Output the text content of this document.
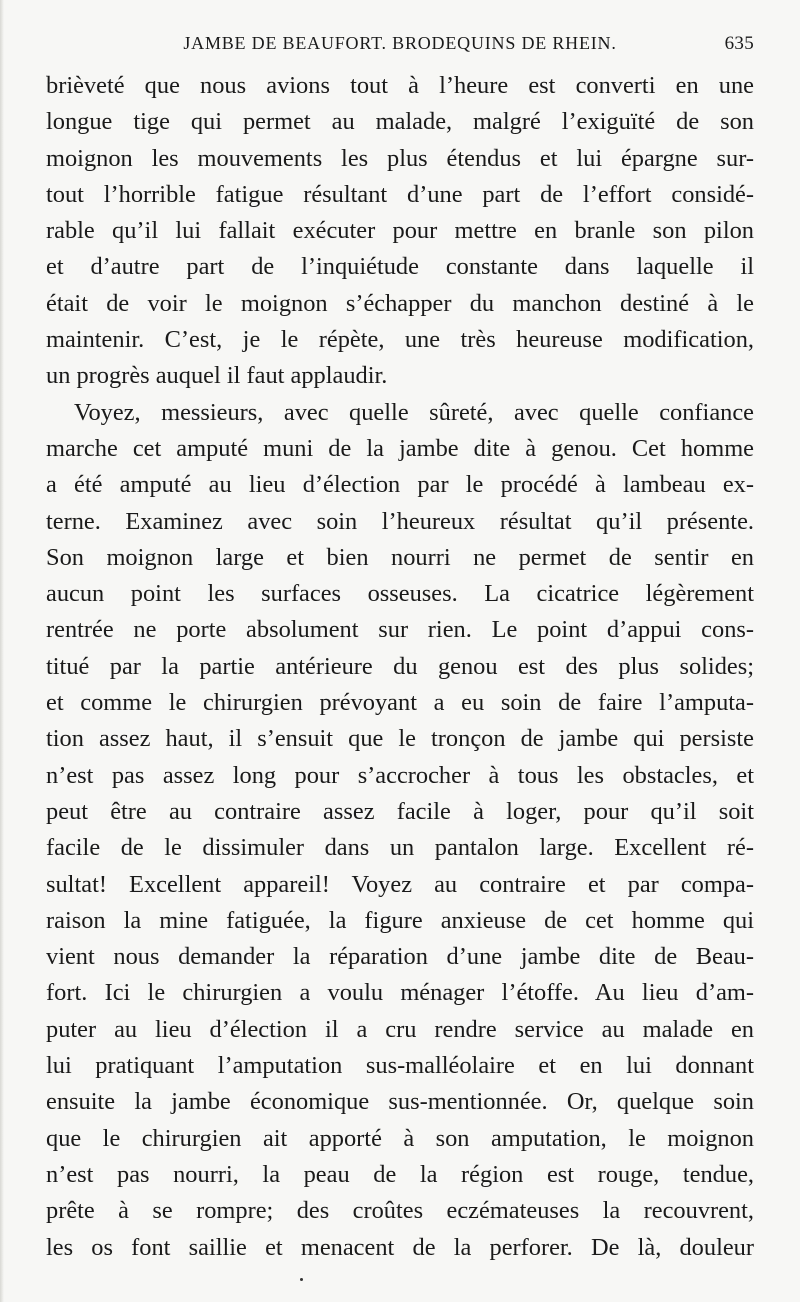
JAMBE DE BEAUFORT. BRODEQUINS DE RHEIN.	635
brièveté que nous avions tout à l’heure est converti en une
longue tige qui permet au malade, malgré l’exiguïté de son
moignon les mouvements les plus étendus et lui épargne sur-
tout l’horrible fatigue résultant d’une part de l’effort considé-
rable qu’il lui fallait exécuter pour mettre en branle son pilon
et d’autre part de l’inquiétude constante dans laquelle il
était de voir le moignon s’échapper du manchon destiné à le
maintenir. C’est, je le répète, une très heureuse modification,
un progrès auquel il faut applaudir.
Voyez, messieurs, avec quelle sûreté, avec quelle confiance
marche cet amputé muni de la jambe dite à genou. Cet homme
a été amputé au lieu d’élection par le procédé à lambeau ex-
terne. Examinez avec soin l’heureux résultat qu’il présente.
Son moignon large et bien nourri ne permet de sentir en
aucun point les surfaces osseuses. La cicatrice légèrement
rentrée ne porte absolument sur rien. Le point d’appui cons-
titué par la partie antérieure du genou est des plus solides;
et comme le chirurgien prévoyant a eu soin de faire l’amputa-
tion assez haut, il s’ensuit que le tronçon de jambe qui persiste
n’est pas assez long pour s’accrocher à tous les obstacles, et
peut être au contraire assez facile à loger, pour qu’il soit
facile de le dissimuler dans un pantalon large. Excellent ré-
sultat! Excellent appareil! Voyez au contraire et par compa-
raison la mine fatiguée, la figure anxieuse de cet homme qui
vient nous demander la réparation d’une jambe dite de Beau-
fort. Ici le chirurgien a voulu ménager l’étoffe. Au lieu d’am-
puter au lieu d’élection il a cru rendre service au malade en
lui pratiquant l’amputation sus-malléolaire et en lui donnant
ensuite la jambe économique sus-mentionnée. Or, quelque soin
que le chirurgien ait apporté à son amputation, le moignon
n’est pas nourri, la peau de la région est rouge, tendue,
prête à se rompre; des croûtes eczémateuses la recouvrent,
les os font saillie et menacent de la perforer. De là, douleur
